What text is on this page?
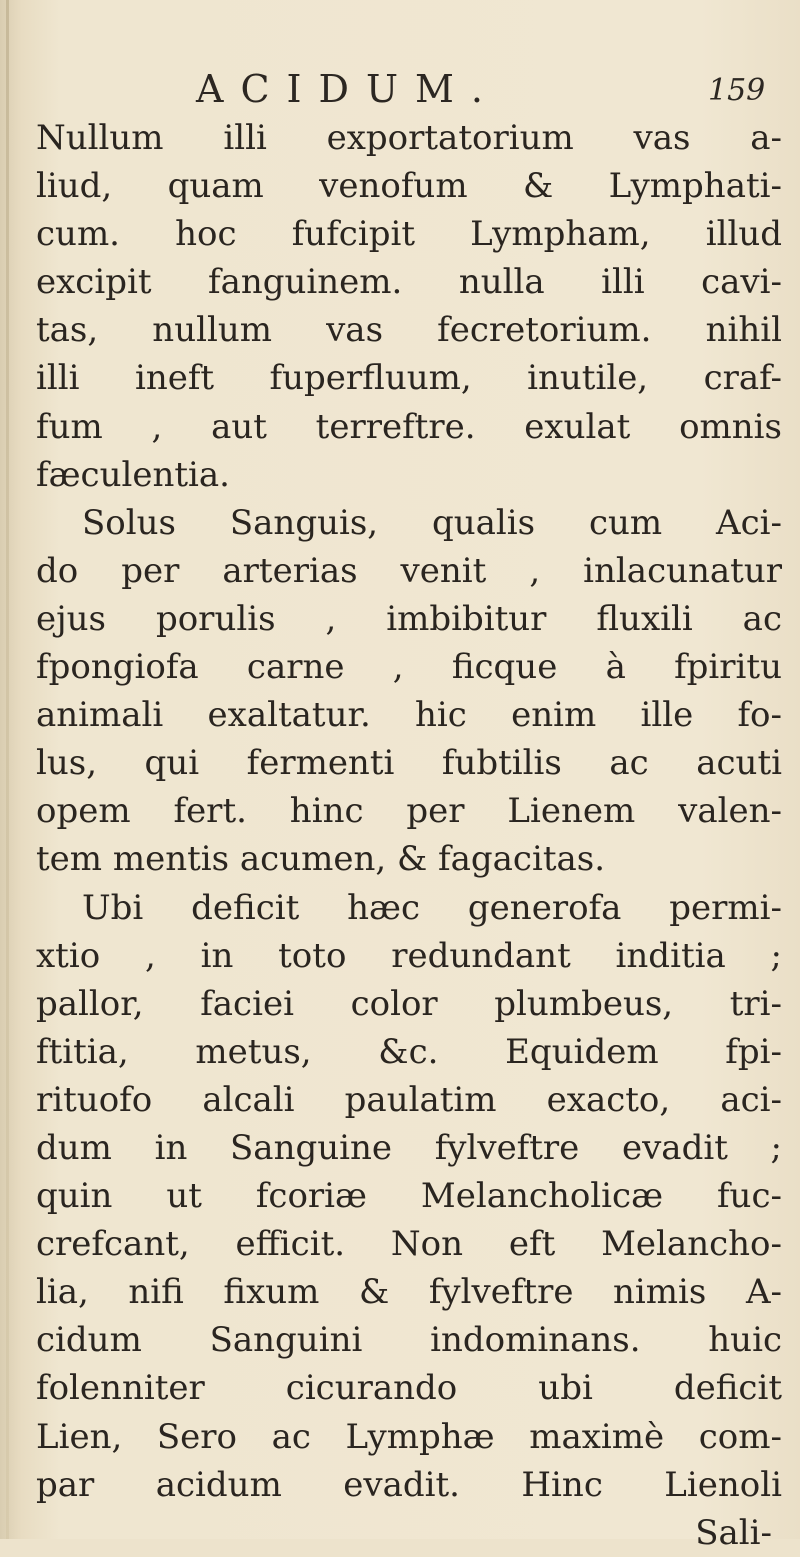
ACIDUM.	159
Nullum illi exportatorium vas a-
liud, quam venofum & Lymphati-
cum. hoc fufcipit Lympham, illud
excipit fanguinem. nulla illi cavi-
tas, nullum vas fecretorium. nihil
illi ineft fuperfluum, inutile, craf-
fum , aut terreftre. exulat omnis
fæculentia.
Solus Sanguis, qualis cum Aci-
do per arterias venit , inlacunatur
ejus porulis , imbibitur fluxili ac
fpongiofa carne , ficque à fpiritu
animali exaltatur. hic enim ille fo-
lus, qui fermenti fubtilis ac acuti
opem fert. hinc per Lienem valen-
tem mentis acumen, & fagacitas.
Ubi deficit hæc generofa permi-
xtio , in toto redundant inditia ;
pallor, faciei color plumbeus, tri-
ftitia, metus, &c. Equidem fpi-
rituofo alcali paulatim exacto, aci-
dum in Sanguine fylveftre evadit ;
quin ut fcoriæ Melancholicæ fuc-
crefcant, efficit. Non eft Melancho-
lia, nifi fixum & fylveftre nimis A-
cidum Sanguini indominans. huic
folenniter cicurando ubi deficit
Lien, Sero ac Lymphæ maximè com-
par acidum evadit. Hinc Lienoli
Sali-
